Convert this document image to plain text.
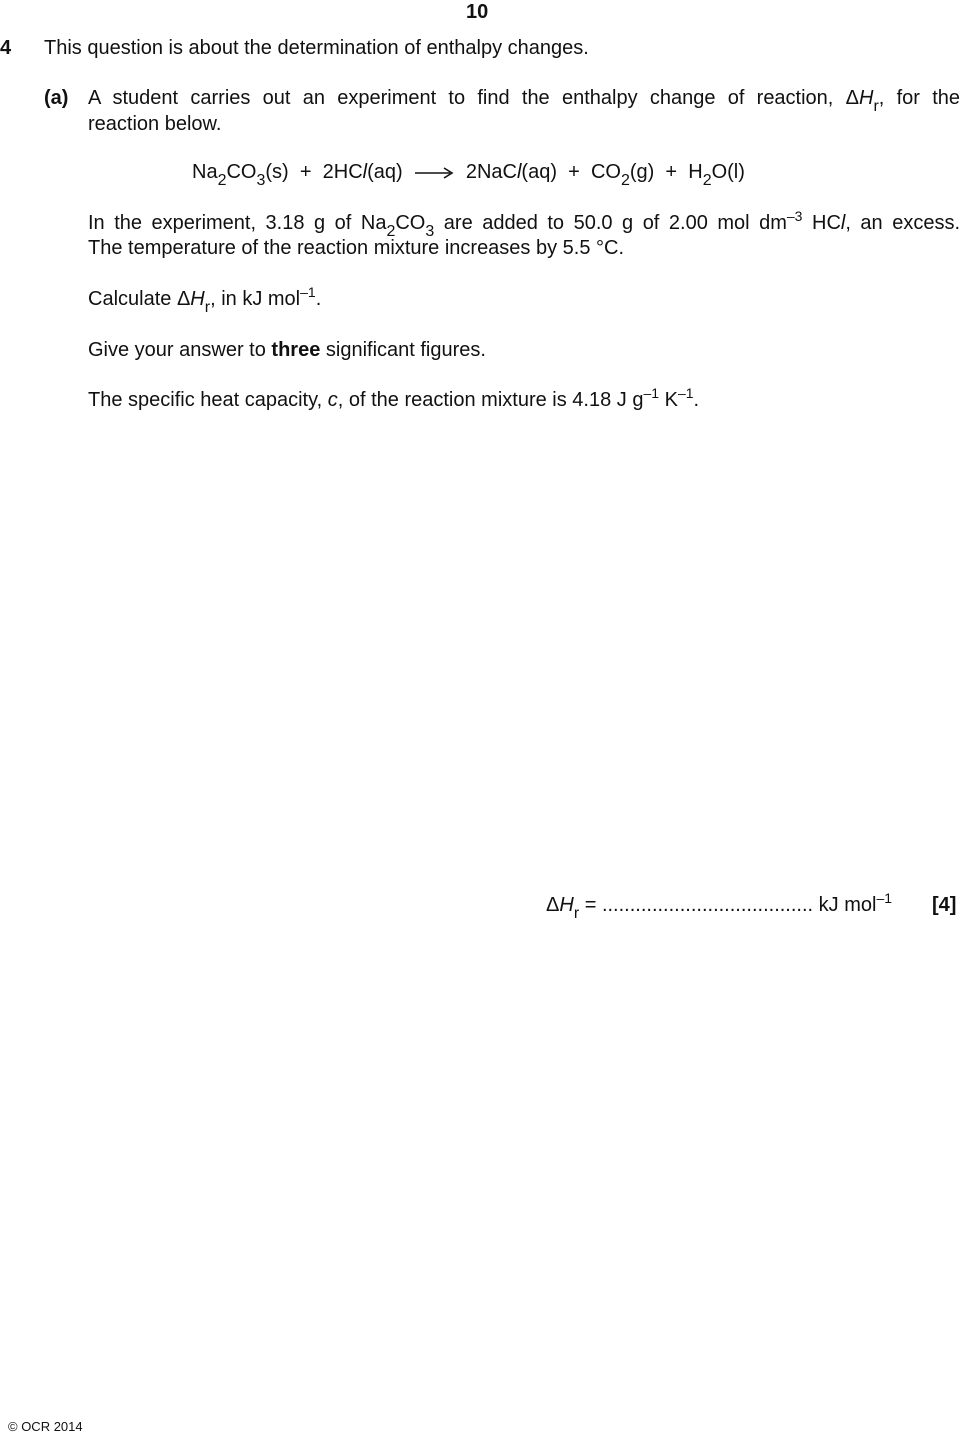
10
4 This question is about the determination of enthalpy changes.
(a) A student carries out an experiment to find the enthalpy change of reaction, $\Delta H_r$, for the
reaction below.
$Na_2CO_3(s) + 2HCl(aq)$ → 2NaCl(aq) + $CO_2(g) + H_2O(l)$
In the experiment, 3.18 g of $Na_2CO_3$ are added to 50.0 g of 2.00 mol $dm^{-3}$ HCl, an excess.
The temperature of the reaction mixture increases by 5.5 °C.
Calculate $\Delta H_r$, in kJ mol$^{-1}$.
Give your answer to three significant figures.
The specific heat capacity, c, of the reaction mixture is 4.18 J $g^{-1}$ $K^{-1}$.
$\Delta H_r$ = ...................................... kJ mol$^{-1}$ [4]
© OCR 2014
